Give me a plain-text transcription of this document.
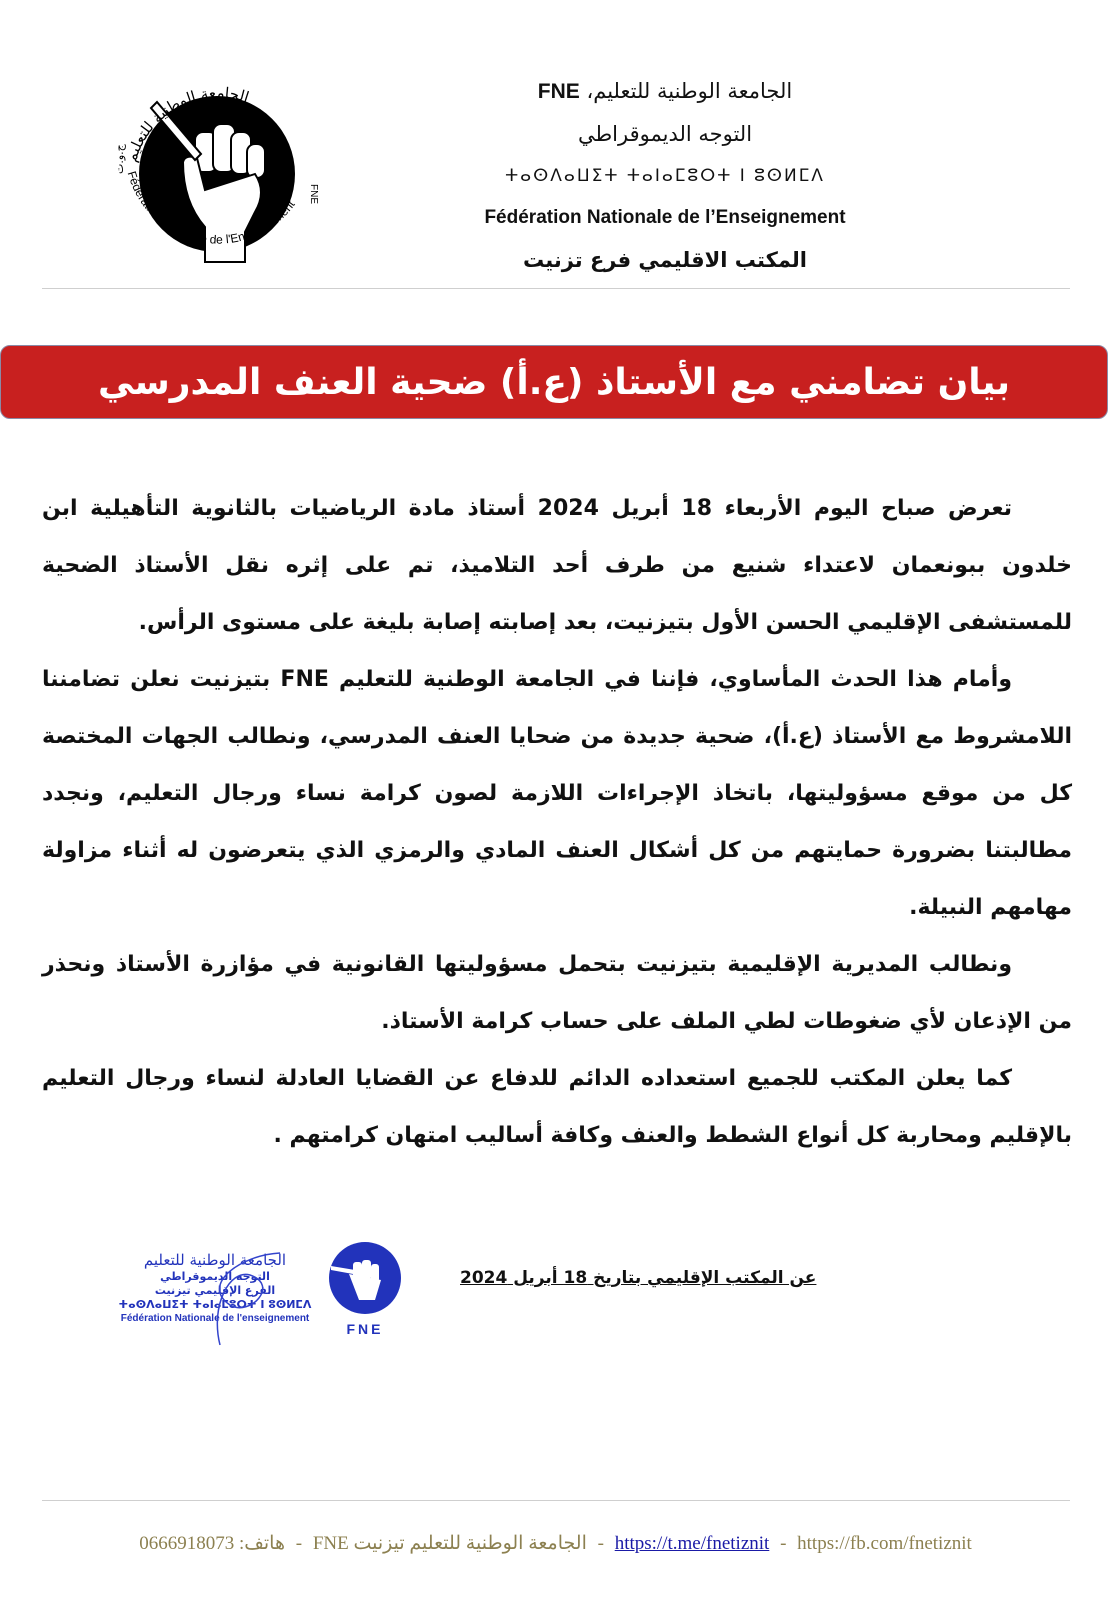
الجامعة الوطنية للتعليم
Fédération Nationale de l'Enseignement FNE
ج.و.ت
الجامعة الوطنية للتعليم، FNE
التوجه الديموقراطي
ⵜⴰⵙⴷⴰⵡⵉⵜ ⵜⴰⵏⴰⵎⵓⵔⵜ ⵏ ⵓⵙⵍⵎⴷ
Fédération Nationale de l’Enseignement
المكتب الاقليمي فرع تزنيت
بيان تضامني مع الأستاذ (ع.أ) ضحية العنف المدرسي

تعرض صباح اليوم الأربعاء 18 أبريل 2024 أستاذ مادة الرياضيات بالثانوية التأهيلية ابن خلدون ببونعمان لاعتداء شنيع من طرف أحد التلاميذ، تم على إثره نقل الأستاذ الضحية للمستشفى الإقليمي الحسن الأول بتيزنيت، بعد إصابته إصابة بليغة على مستوى الرأس.

وأمام هذا الحدث المأساوي، فإننا في الجامعة الوطنية للتعليم FNE بتيزنيت نعلن تضامننا اللامشروط مع الأستاذ (ع.أ)، ضحية جديدة من ضحايا العنف المدرسي، ونطالب الجهات المختصة كل من موقع مسؤوليتها، باتخاذ الإجراءات اللازمة لصون كرامة نساء ورجال التعليم، ونجدد مطالبتنا بضرورة حمايتهم من كل أشكال العنف المادي والرمزي الذي يتعرضون له أثناء مزاولة مهامهم النبيلة.

ونطالب المديرية الإقليمية بتيزنيت بتحمل مسؤوليتها القانونية في مؤازرة الأستاذ ونحذر من الإذعان لأي ضغوطات لطي الملف على حساب كرامة الأستاذ.

كما يعلن المكتب للجميع استعداده الدائم للدفاع عن القضايا العادلة لنساء ورجال التعليم بالإقليم ومحاربة كل أنواع الشطط والعنف وكافة أساليب امتهان كرامتهم .

الجامعة الوطنية للتعليم
التوجه الديموقراطي
الفرع الإقليمي تيزنيت
ⵜⴰⵙⴷⴰⵡⵉⵜ ⵜⴰⵏⴰⵎⵓⵔⵜ ⵏ ⵓⵙⵍⵎⴷ
Fédération Nationale de l'enseignement
FNE
عن المكتب الإقليمي بتاريخ 18 أبريل 2024
0666918073 هاتف: - الجامعة الوطنية للتعليم تيزنيت FNE - https://t.me/fnetiznit - https://fb.com/fnetiznit
